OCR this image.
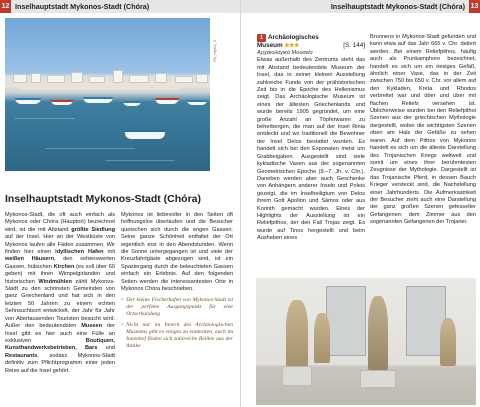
12 Inselhauptstadt Mykonos-Stadt (Chóra)
Rs_MyKo_3
Inselhauptstadt Mykonos-Stadt (Chóra)
Mykonos-Stadt, die oft auch einfach als Mykonos oder Chóra (Hauptort) bezeichnet wird, ist die mit Abstand größte Siedlung auf der Insel. Hier an der Westküste von Mykonos laufen alle Fäden zusammen. Wir finden hier einen idyllischen Hafen mit weißen Häusern, den sehenswerten Gassen, hübschen Kirchen (es soll über 60 geben) mit ihren Wimpelgirlanden und historischen Windmühlen zählt Mykonos-Stadt zu den schönsten Gemeinden von ganz Griechenland und hat sich in den letzten 50 Jahren zu einem echten Sehnsuchtsort entwickelt, der Jahr für Jahr von Abertausenden Touristen besucht wird. Außer den bedeutendsten Museen der Insel gibt es hier auch eine Fülle an exklusiven Boutiquen, Kunsthandwerksbetrieben, Bars und Restaurants, sodass Mykonos-Stadt definitiv zum Pflichtprogramm einer jeden Reise auf die Insel gehört.
Mykonos ist liebevoller in den Seiten oft hoffnungslos überlaufen und die Besucher quetschen sich durch die engen Gassen. Seine ganze Schönheit entfaltet der Ort eigentlich erst in den Abendstunden. Wenn die Sonne untergegangen ist und viele der Kreuzfahrtgäste abgezogen sind, ist ein Spaziergang durch die beleuchteten Gassen einfach ein Erlebnis. Auf den folgenden Seiten werden die interessantesten Orte in Mykonos Chóra beschrieben.
▫ Der kleine Fischerhafen von Mykonos-Stadt ist der perfekte Ausgangspunkt für eine Ortserkundung
▫ Nicht nur im Innern des Archäologischen Museums gibt es einiges zu entdecken, auch im Innenhof finden sich zahlreiche Relikte aus der Antike
Inselhauptstadt Mykonos-Stadt (Chóra) 13
1 Archäologisches
Museum ★★★	[S. 144]
Αρχαιολογικό Μουσείο
Etwas außerhalb des Zentrums steht das mit Abstand bedeutendste Museum der Insel, das in seiner kleinen Ausstellung zahlreiche Funde von der prähistorischen Zeit bis in die Epoche des Hellenismus zeigt. Das Archäologische Museum ist eines der ältesten Griechenlands und wurde bereits 1905 gegründet, um eine große Anzahl an Töpferwaren zu beherbergen, die man auf der Insel Rinia entdeckt und wo traditionell die Bewohner der Insel Delos bestattet wurden. Es handelt sich bei den Exponaten meist um Grabbeigaben. Ausgestellt sind viele kykladische Vasen aus der sogenannten Geometrischen Epoche (9.–7. Jh. v. Chr.). Daneben werden aber auch Geschenke von Anhängern anderer Inseln und Poleis gezeigt, die im Inselheiligtum von Delos ihrem Gott Apollon und Sámos oder aus Korinth gemacht wurden. Eines der Highlights der Ausstellung ist ein Reliefpithos, der den Fall Trojas zeigt. Es wurde auf Tinos hergestellt und beim Ausheben eines
Brunnens in Mykonos-Stadt gefunden und kann etwa auf das Jahr 665 v. Chr. datiert werden. Bei einem Reliefpithos, häufig auch als Prunkamphore bezeichnet, handelt es sich um ein riesiges Gefäß, ähnlich einer Vase, das in der Zeit zwischen 750 bis 650 v. Chr. vor allem auf den Kykladen, Kreta und Rhodos verbreitet war und über und über mit flachen Reliefs versehen ist. Üblicherweise wurden bei den Reliefpithoi Szenen aus der griechischen Mythologie dargestellt, wobei die wichtigsten Szenen oben am Hals der Gefäße zu sehen waren. Auf dem Pithos von Mykonos handelt es sich um die älteste Darstellung des Trojanischen Kriegs weltweit und somit um eines ihrer berühmtesten Zeugnisse der Mythologie. Dargestellt ist das Trojanische Pferd, in dessen Bauch Krieger versteckt sind, die Nachstellung einer Jahrhunderts. Die Aufmerksamkeit der Besucher zieht auch eine Darstellung der ganz großen Szenen gefesselter Gefangenen: dem Zimmer aus den sogenannten Gefangenen der Trojaner.
